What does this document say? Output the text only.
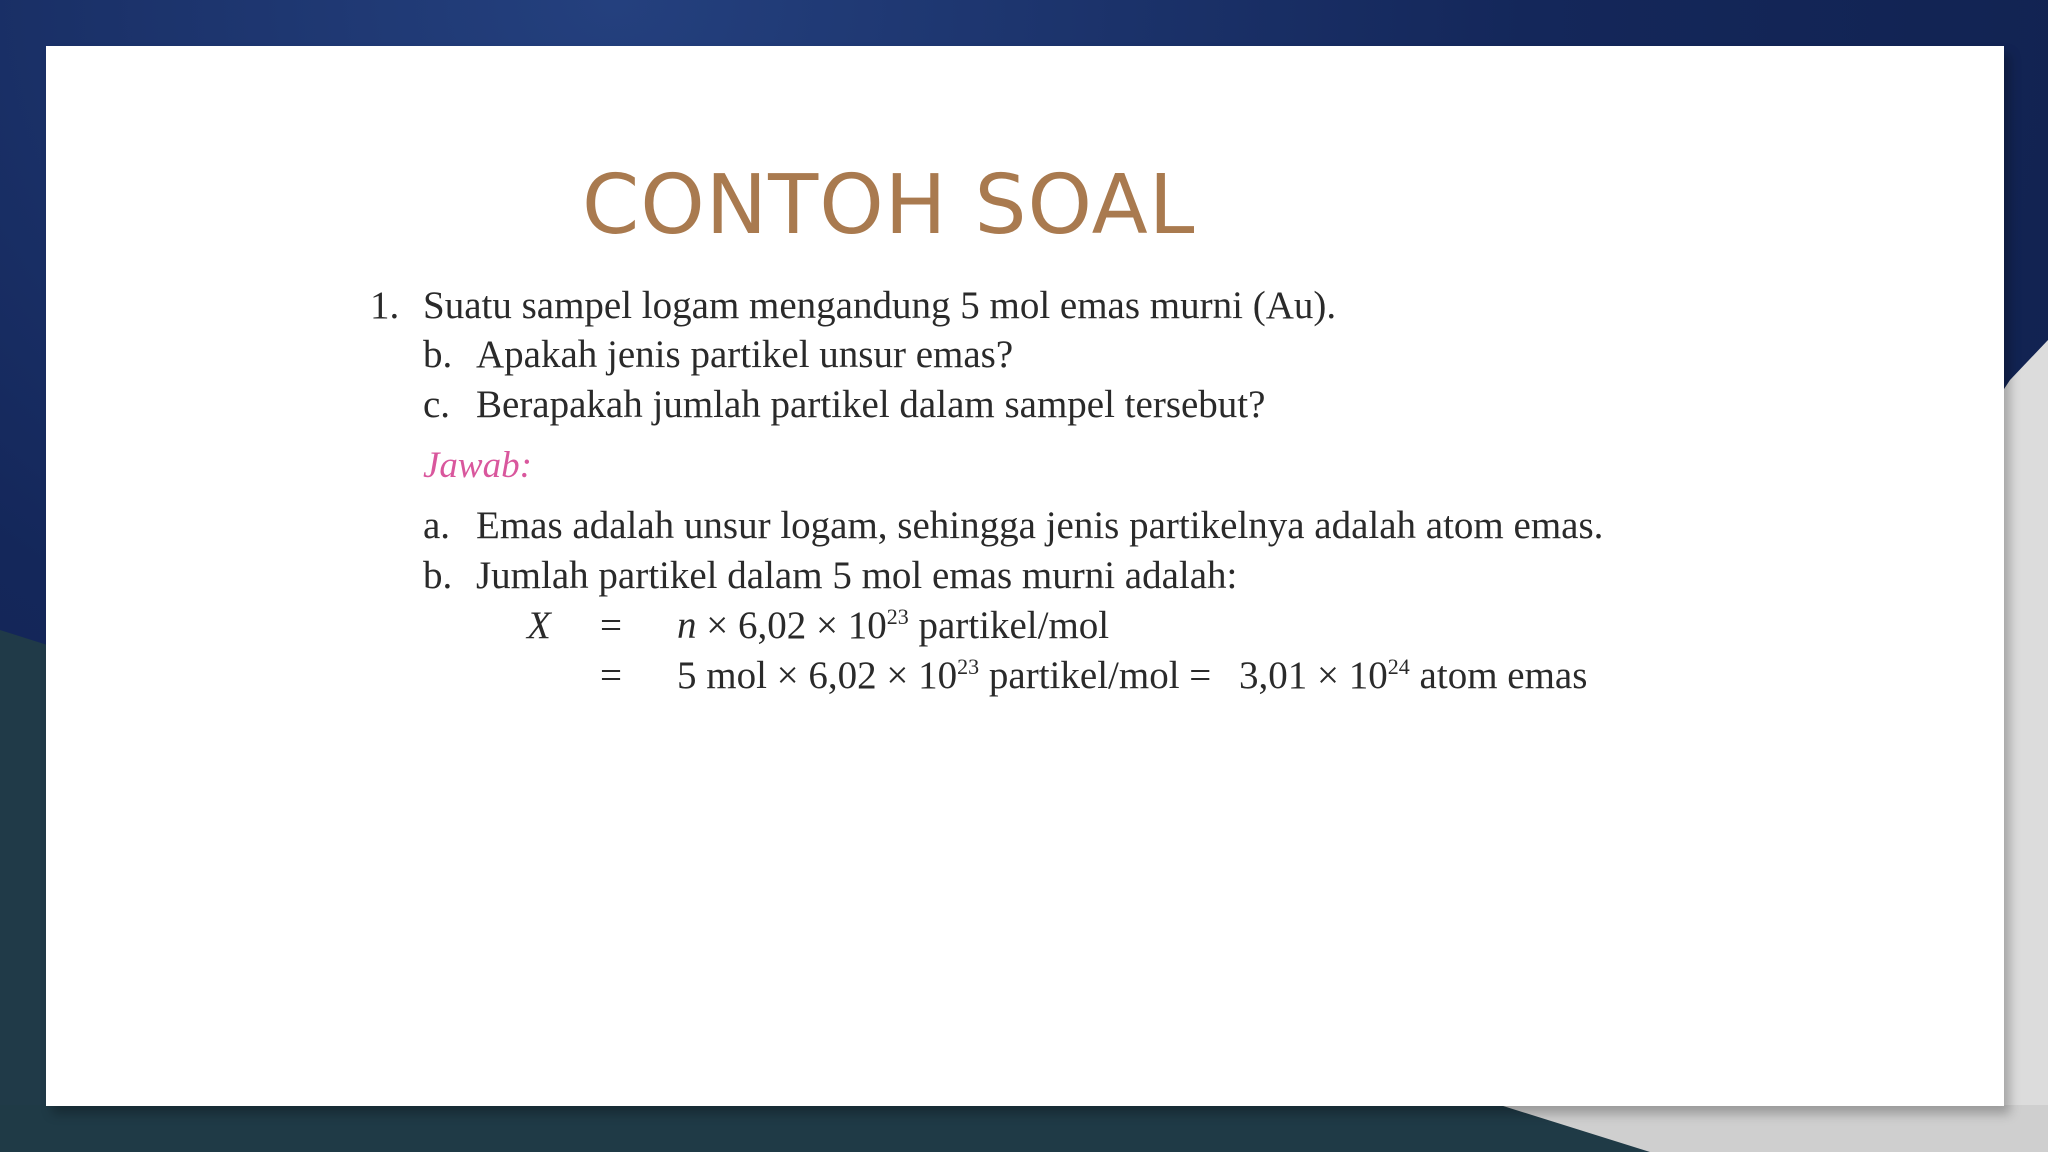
CONTOH SOAL
1. Suatu sampel logam mengandung 5 mol emas murni (Au).
b. Apakah jenis partikel unsur emas?
c. Berapakah jumlah partikel dalam sampel tersebut?
Jawab:
a. Emas adalah unsur logam, sehingga jenis partikelnya adalah atom emas.
b. Jumlah partikel dalam 5 mol emas murni adalah:
$X = n \times 6,02 \times 10^{23}$ partikel/mol
= 5 mol × $6,02 \times 10^{23}$ partikel/mol = $3,01 \times 10^{24}$ atom emas
